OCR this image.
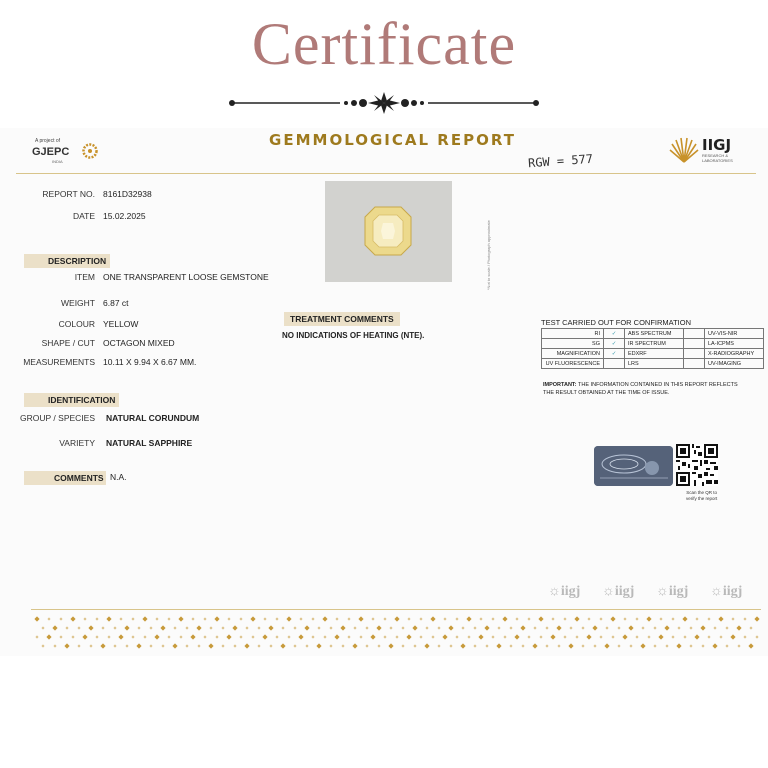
Certificate
A project of
GJEPC
INDIA
GEMMOLOGICAL REPORT	IIGJ
RESEARCH & LABORATORIES
RGW = 577
REPORT NO. 8161D32938
DATE 15.02.2025
*Not to scale / Photograph approximate
DESCRIPTION
ITEM ONE TRANSPARENT LOOSE GEMSTONE
WEIGHT 6.87 ct
COLOUR YELLOW
SHAPE / CUT OCTAGON MIXED
MEASUREMENTS 10.11 X 9.94 X 6.67 MM.
IDENTIFICATION
GROUP / SPECIES NATURAL CORUNDUM
VARIETY NATURAL SAPPHIRE
COMMENTS N.A.
TREATMENT COMMENTS
NO INDICATIONS OF HEATING (NTE).
TEST CARRIED OUT FOR CONFIRMATION
RI	✓	ABS SPECTRUM		UV-VIS-NIR
SG	✓	IR SPECTRUM		LA-ICPMS
MAGNIFICATION	✓	EDXRF		X-RADIOGRAPHY
UV FLUORESCENCE		LRS		UV-IMAGING
IMPORTANT: THE INFORMATION CONTAINED IN THIS REPORT REFLECTS THE RESULT OBTAINED AT THE TIME OF ISSUE.
Scan the QR to
verify the report
☼iigj ☼iigj ☼iigj ☼iigj
